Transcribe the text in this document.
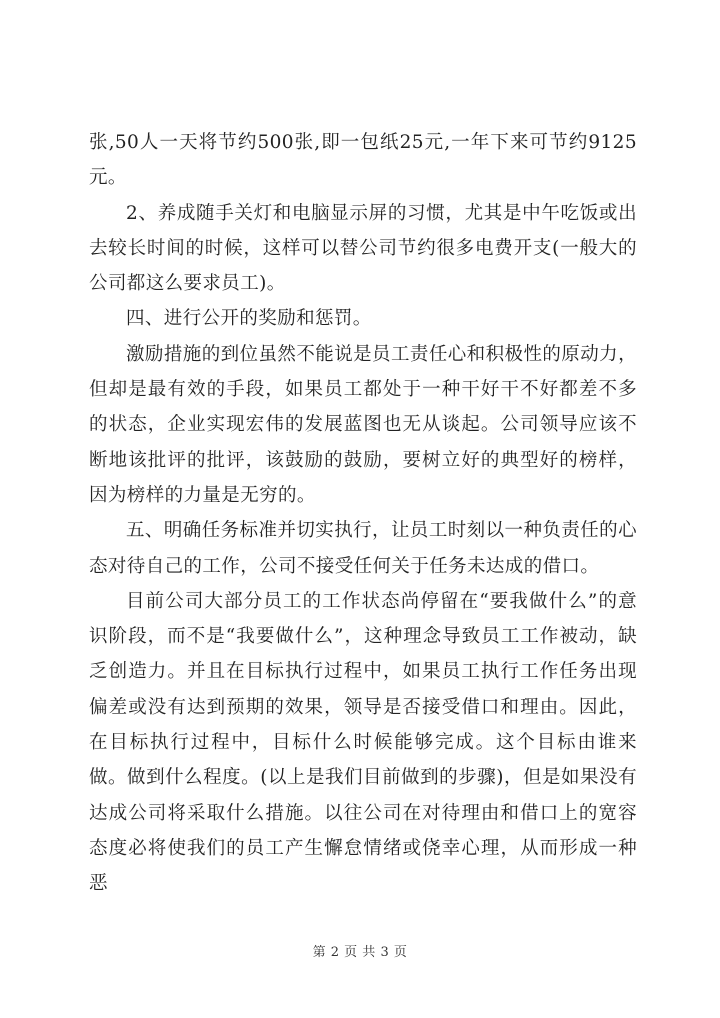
张,50人一天将节约500张,即一包纸25元,一年下来可节约9125元。

2、养成随手关灯和电脑显示屏的习惯，尤其是中午吃饭或出去较长时间的时候，这样可以替公司节约很多电费开支(一般大的公司都这么要求员工)。

四、进行公开的奖励和惩罚。

激励措施的到位虽然不能说是员工责任心和积极性的原动力，但却是最有效的手段，如果员工都处于一种干好干不好都差不多的状态，企业实现宏伟的发展蓝图也无从谈起。公司领导应该不断地该批评的批评，该鼓励的鼓励，要树立好的典型好的榜样，因为榜样的力量是无穷的。

五、明确任务标准并切实执行，让员工时刻以一种负责任的心态对待自己的工作，公司不接受任何关于任务未达成的借口。

目前公司大部分员工的工作状态尚停留在“要我做什么”的意识阶段，而不是“我要做什么”，这种理念导致员工工作被动，缺乏创造力。并且在目标执行过程中，如果员工执行工作任务出现偏差或没有达到预期的效果，领导是否接受借口和理由。因此，在目标执行过程中，目标什么时候能够完成。这个目标由谁来做。做到什么程度。(以上是我们目前做到的步骤)，但是如果没有达成公司将采取什么措施。以往公司在对待理由和借口上的宽容态度必将使我们的员工产生懈怠情绪或侥幸心理，从而形成一种恶

第 2 页 共 3 页
